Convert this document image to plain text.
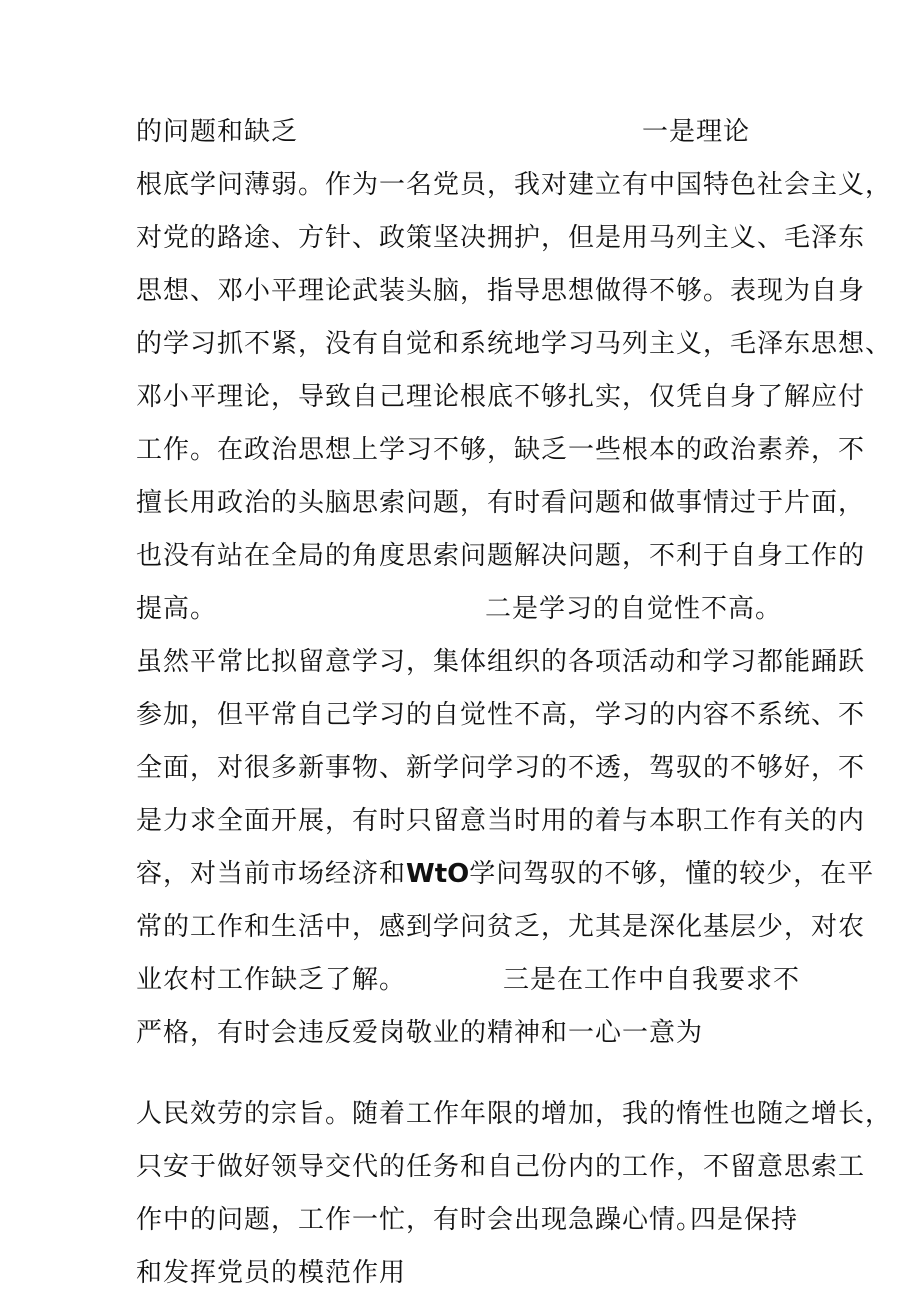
的问题和缺乏	一是理论
根底学问薄弱。作为一名党员，我对建立有中国特色社会主义，
对党的路途、方针、政策坚决拥护，但是用马列主义、毛泽东
思想、邓小平理论武装头脑，指导思想做得不够。表现为自身
的学习抓不紧，没有自觉和系统地学习马列主义，毛泽东思想、
邓小平理论，导致自己理论根底不够扎实，仅凭自身了解应付
工作。在政治思想上学习不够，缺乏一些根本的政治素养，不
擅长用政治的头脑思索问题，有时看问题和做事情过于片面，
也没有站在全局的角度思索问题解决问题，不利于自身工作的
提高。	二是学习的自觉性不高。
虽然平常比拟留意学习，集体组织的各项活动和学习都能踊跃
参加，但平常自己学习的自觉性不高，学习的内容不系统、不
全面，对很多新事物、新学问学习的不透，驾驭的不够好，不
是力求全面开展，有时只留意当时用的着与本职工作有关的内
容，对当前市场经济和WtO学问驾驭的不够，懂的较少，在平
常的工作和生活中，感到学问贫乏，尤其是深化基层少，对农
业农村工作缺乏了解。	三是在工作中自我要求不
严格，有时会违反爱岗敬业的精神和一心一意为
人民效劳的宗旨。随着工作年限的增加，我的惰性也随之增长，
只安于做好领导交代的任务和自己份内的工作，不留意思索工
作中的问题，工作一忙，有时会出现急躁心情。
四是保持
和发挥党员的模范作用
